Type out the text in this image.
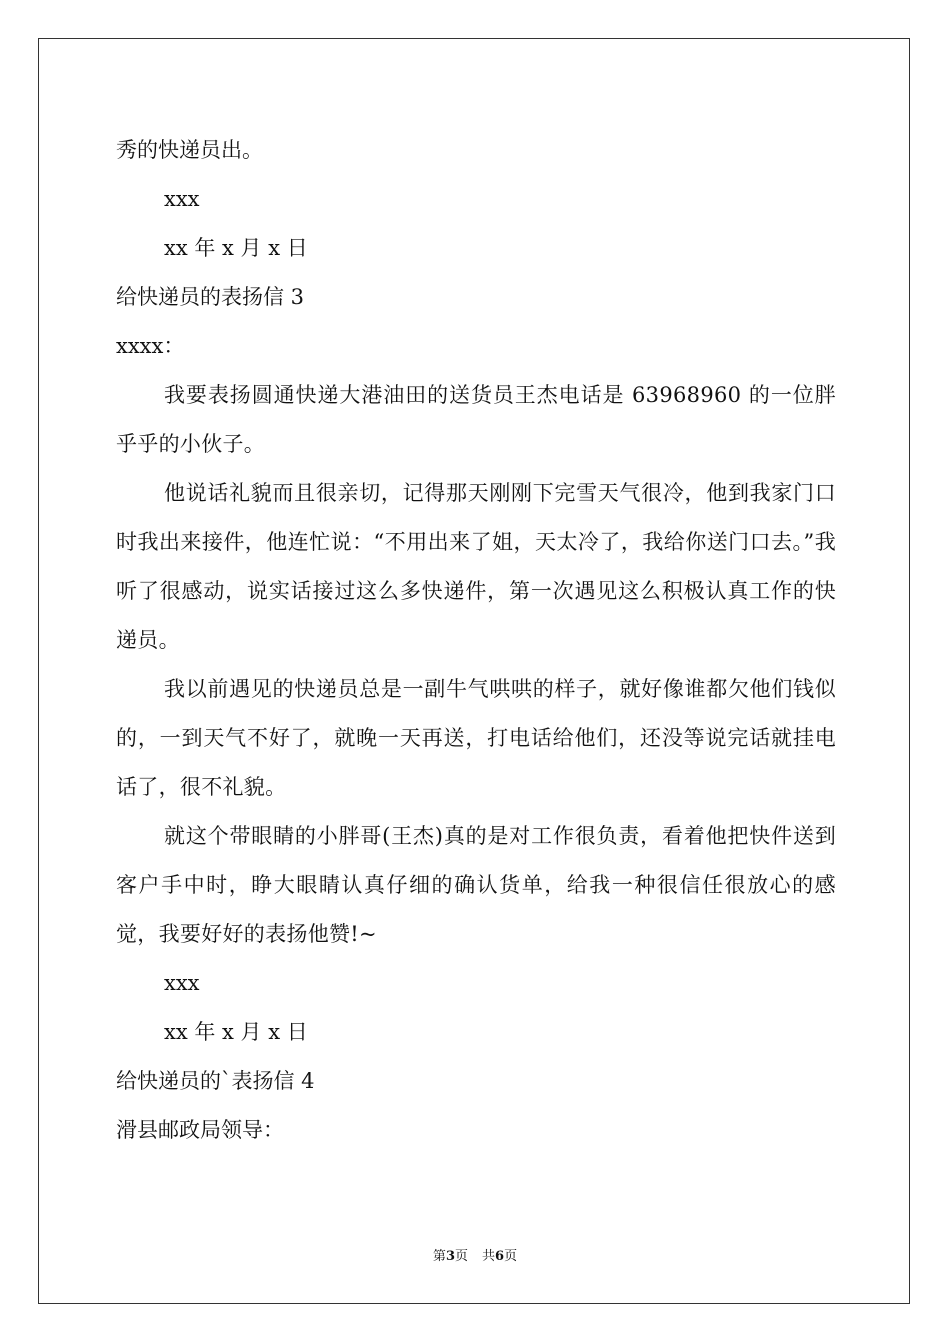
秀的快递员出。
xxx
xx 年 x 月 x 日
给快递员的表扬信 3
xxxx：
我要表扬圆通快递大港油田的送货员王杰电话是 63968960 的一位胖乎乎的小伙子。
他说话礼貌而且很亲切，记得那天刚刚下完雪天气很冷，他到我家门口时我出来接件，他连忙说：“不用出来了姐，天太冷了，我给你送门口去。”我听了很感动，说实话接过这么多快递件，第一次遇见这么积极认真工作的快递员。
我以前遇见的快递员总是一副牛气哄哄的样子，就好像谁都欠他们钱似的，一到天气不好了，就晚一天再送，打电话给他们，还没等说完话就挂电话了，很不礼貌。
就这个带眼睛的小胖哥(王杰)真的是对工作很负责，看着他把快件送到客户手中时，睁大眼睛认真仔细的确认货单，给我一种很信任很放心的感觉，我要好好的表扬他赞!~
xxx
xx 年 x 月 x 日
给快递员的`表扬信 4
滑县邮政局领导：
第3页 共6页
